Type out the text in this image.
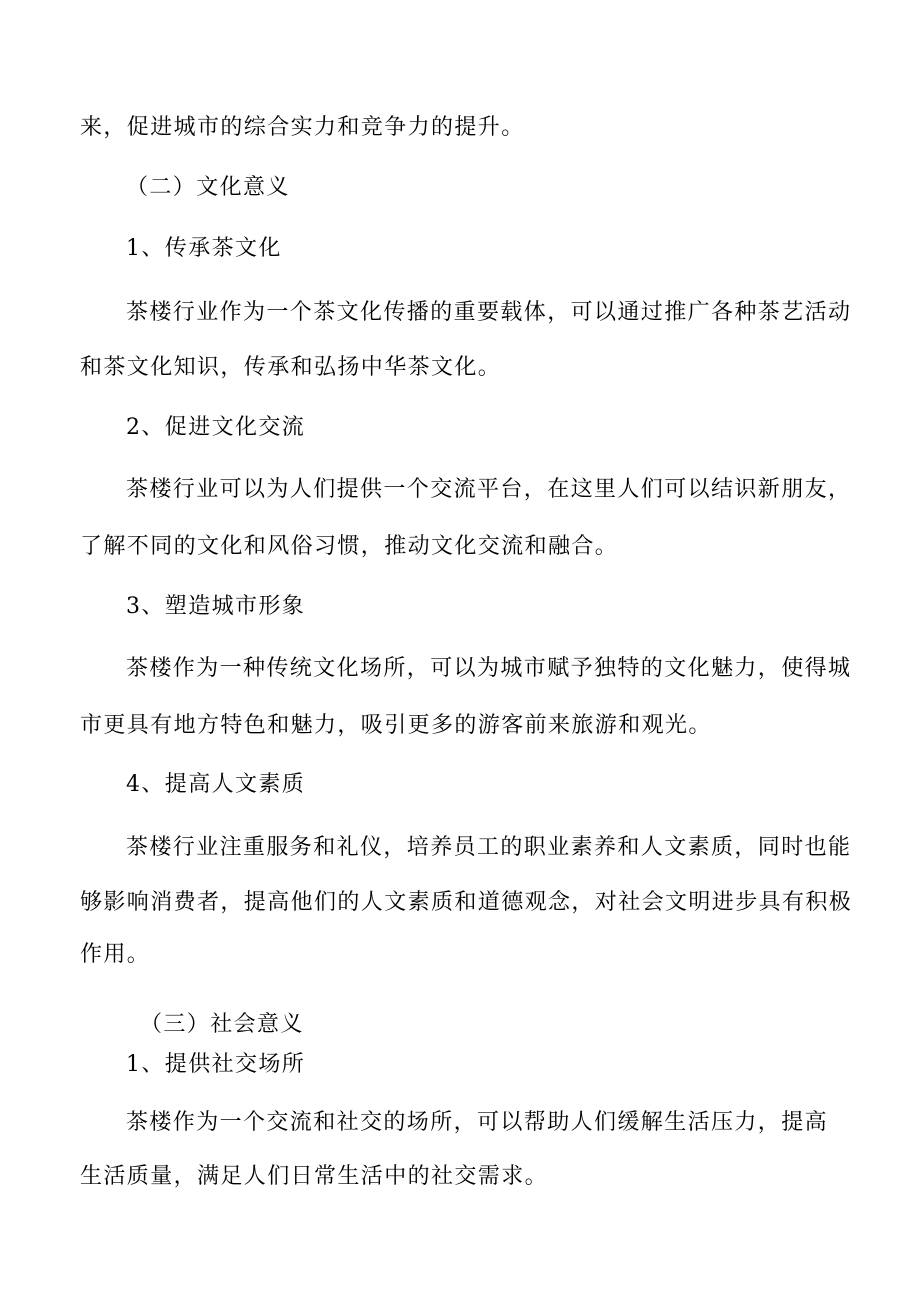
来，促进城市的综合实力和竞争力的提升。

（二）文化意义

1、传承茶文化

茶楼行业作为一个茶文化传播的重要载体，可以通过推广各种茶艺活动

和茶文化知识，传承和弘扬中华茶文化。

2、促进文化交流

茶楼行业可以为人们提供一个交流平台，在这里人们可以结识新朋友，

了解不同的文化和风俗习惯，推动文化交流和融合。

3、塑造城市形象

茶楼作为一种传统文化场所，可以为城市赋予独特的文化魅力，使得城

市更具有地方特色和魅力，吸引更多的游客前来旅游和观光。

4、提高人文素质

茶楼行业注重服务和礼仪，培养员工的职业素养和人文素质，同时也能

够影响消费者，提高他们的人文素质和道德观念，对社会文明进步具有积极

作用。

（三）社会意义

1、提供社交场所

茶楼作为一个交流和社交的场所，可以帮助人们缓解生活压力，提高

生活质量，满足人们日常生活中的社交需求。
